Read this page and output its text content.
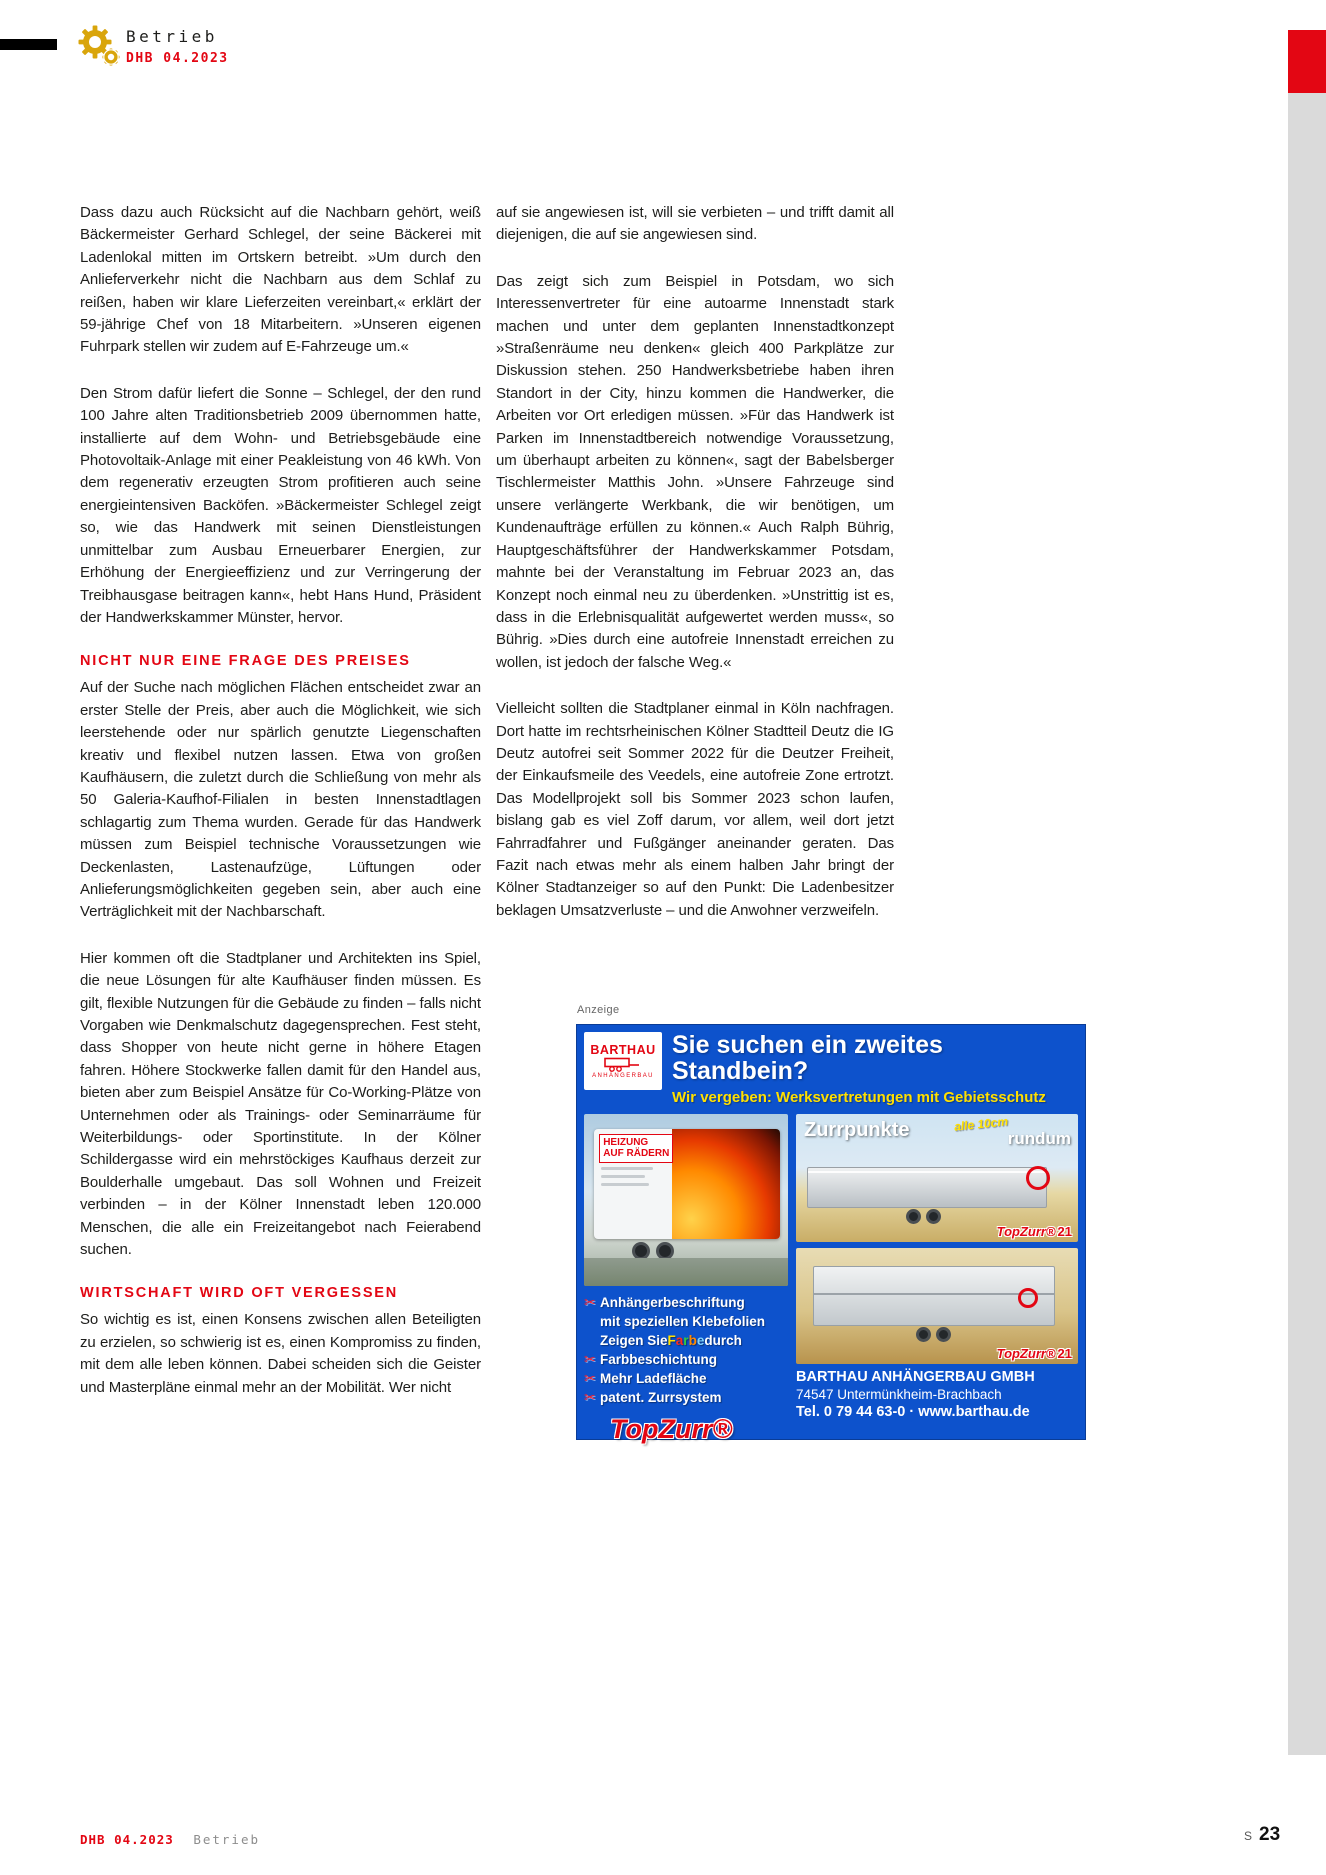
Betrieb
DHB 04.2023

Dass dazu auch Rücksicht auf die Nachbarn gehört, weiß Bäckermeister Gerhard Schlegel, der seine Bäckerei mit Ladenlokal mitten im Ortskern betreibt. »Um durch den Anlieferverkehr nicht die Nachbarn aus dem Schlaf zu reißen, haben wir klare Lieferzeiten vereinbart,« erklärt der 59-jährige Chef von 18 Mitarbeitern. »Unseren eigenen Fuhrpark stellen wir zudem auf E-Fahrzeuge um.«

Den Strom dafür liefert die Sonne – Schlegel, der den rund 100 Jahre alten Traditionsbetrieb 2009 übernommen hatte, installierte auf dem Wohn- und Betriebsgebäude eine Photovoltaik-Anlage mit einer Peakleistung von 46 kWh. Von dem regenerativ erzeugten Strom profitieren auch seine energieintensiven Backöfen. »Bäckermeister Schlegel zeigt so, wie das Handwerk mit seinen Dienstleistungen unmittelbar zum Ausbau Erneuerbarer Energien, zur Erhöhung der Energieeffizienz und zur Verringerung der Treibhausgase beitragen kann«, hebt Hans Hund, Präsident der Handwerkskammer Münster, hervor.

NICHT NUR EINE FRAGE DES PREISES

Auf der Suche nach möglichen Flächen entscheidet zwar an erster Stelle der Preis, aber auch die Möglichkeit, wie sich leerstehende oder nur spärlich genutzte Liegenschaften kreativ und flexibel nutzen lassen. Etwa von großen Kaufhäusern, die zuletzt durch die Schließung von mehr als 50 Galeria-Kaufhof-Filialen in besten Innenstadtlagen schlagartig zum Thema wurden. Gerade für das Handwerk müssen zum Beispiel technische Voraussetzungen wie Deckenlasten, Lastenaufzüge, Lüftungen oder Anlieferungsmöglichkeiten gegeben sein, aber auch eine Verträglichkeit mit der Nachbarschaft.

Hier kommen oft die Stadtplaner und Architekten ins Spiel, die neue Lösungen für alte Kaufhäuser finden müssen. Es gilt, flexible Nutzungen für die Gebäude zu finden – falls nicht Vorgaben wie Denkmalschutz dagegensprechen. Fest steht, dass Shopper von heute nicht gerne in höhere Etagen fahren. Höhere Stockwerke fallen damit für den Handel aus, bieten aber zum Beispiel Ansätze für Co-Working-Plätze von Unternehmen oder als Trainings- oder Seminarräume für Weiterbildungs- oder Sportinstitute. In der Kölner Schildergasse wird ein mehrstöckiges Kaufhaus derzeit zur Boulderhalle umgebaut. Das soll Wohnen und Freizeit verbinden – in der Kölner Innenstadt leben 120.000 Menschen, die alle ein Freizeitangebot nach Feierabend suchen.

WIRTSCHAFT WIRD OFT VERGESSEN

So wichtig es ist, einen Konsens zwischen allen Beteiligten zu erzielen, so schwierig ist es, einen Kompromiss zu finden, mit dem alle leben können. Dabei scheiden sich die Geister und Masterpläne einmal mehr an der Mobilität. Wer nicht

auf sie angewiesen ist, will sie verbieten – und trifft damit all diejenigen, die auf sie angewiesen sind.

Das zeigt sich zum Beispiel in Potsdam, wo sich Interessenvertreter für eine autoarme Innenstadt stark machen und unter dem geplanten Innenstadtkonzept »Straßenräume neu denken« gleich 400 Parkplätze zur Diskussion stehen. 250 Handwerksbetriebe haben ihren Standort in der City, hinzu kommen die Handwerker, die Arbeiten vor Ort erledigen müssen. »Für das Handwerk ist Parken im Innenstadtbereich notwendige Voraussetzung, um überhaupt arbeiten zu können«, sagt der Babelsberger Tischlermeister Matthis John. »Unsere Fahrzeuge sind unsere verlängerte Werkbank, die wir benötigen, um Kundenaufträge erfüllen zu können.« Auch Ralph Bührig, Hauptgeschäftsführer der Handwerkskammer Potsdam, mahnte bei der Veranstaltung im Februar 2023 an, das Konzept noch einmal neu zu überdenken. »Unstrittig ist es, dass in die Erlebnisqualität aufgewertet werden muss«, so Bührig. »Dies durch eine autofreie Innenstadt erreichen zu wollen, ist jedoch der falsche Weg.«

Vielleicht sollten die Stadtplaner einmal in Köln nachfragen. Dort hatte im rechtsrheinischen Kölner Stadtteil Deutz die IG Deutz autofrei seit Sommer 2022 für die Deutzer Freiheit, der Einkaufsmeile des Veedels, eine autofreie Zone ertrotzt. Das Modellprojekt soll bis Sommer 2023 schon laufen, bislang gab es viel Zoff darum, vor allem, weil dort jetzt Fahrradfahrer und Fußgänger aneinander geraten. Das Fazit nach etwas mehr als einem halben Jahr bringt der Kölner Stadtanzeiger so auf den Punkt: Die Ladenbesitzer beklagen Umsatzverluste – und die Anwohner verzweifeln.

Anzeige
BARTHAU
ANHÄNGERBAU
Sie suchen ein zweites Standbein?
Wir vergeben: Werksvertretungen mit Gebietsschutz
HEIZUNG
AUF RÄDERN
✂ Anhängerbeschriftung
mit speziellen Klebefolien
Zeigen Sie F a r b e durch
✂ Farbbeschichtung
✂ Mehr Ladefläche
✂ patent. Zurrsystem
TopZurr®
Zurrpunkte	alle 10cm
rundum
TopZurr® 21
TopZurr® 21
BARTHAU ANHÄNGERBAU GMBH
74547 Untermünkheim-Brachbach
Tel. 0 79 44 63-0 · www.barthau.de
DHB 04.2023 Betrieb	S 23
